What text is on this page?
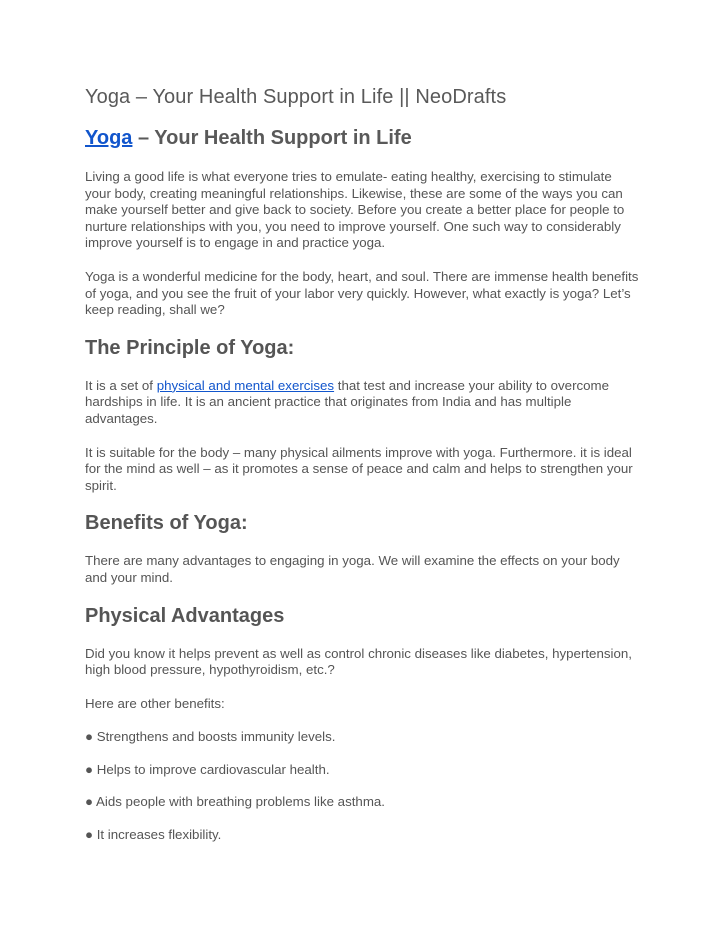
Yoga – Your Health Support in Life || NeoDrafts
Yoga – Your Health Support in Life

Living a good life is what everyone tries to emulate- eating healthy, exercising to stimulate your body, creating meaningful relationships. Likewise, these are some of the ways you can make yourself better and give back to society. Before you create a better place for people to nurture relationships with you, you need to improve yourself. One such way to considerably improve yourself is to engage in and practice yoga.

Yoga is a wonderful medicine for the body, heart, and soul. There are immense health benefits of yoga, and you see the fruit of your labor very quickly. However, what exactly is yoga? Let’s keep reading, shall we?

The Principle of Yoga:

It is a set of physical and mental exercises that test and increase your ability to overcome hardships in life. It is an ancient practice that originates from India and has multiple advantages.

It is suitable for the body – many physical ailments improve with yoga. Furthermore. it is ideal for the mind as well – as it promotes a sense of peace and calm and helps to strengthen your spirit.

Benefits of Yoga:

There are many advantages to engaging in yoga. We will examine the effects on your body and your mind.

Physical Advantages

Did you know it helps prevent as well as control chronic diseases like diabetes, hypertension, high blood pressure, hypothyroidism, etc.?

Here are other benefits:

● Strengthens and boosts immunity levels.

● Helps to improve cardiovascular health.

● Aids people with breathing problems like asthma.

● It increases flexibility.
